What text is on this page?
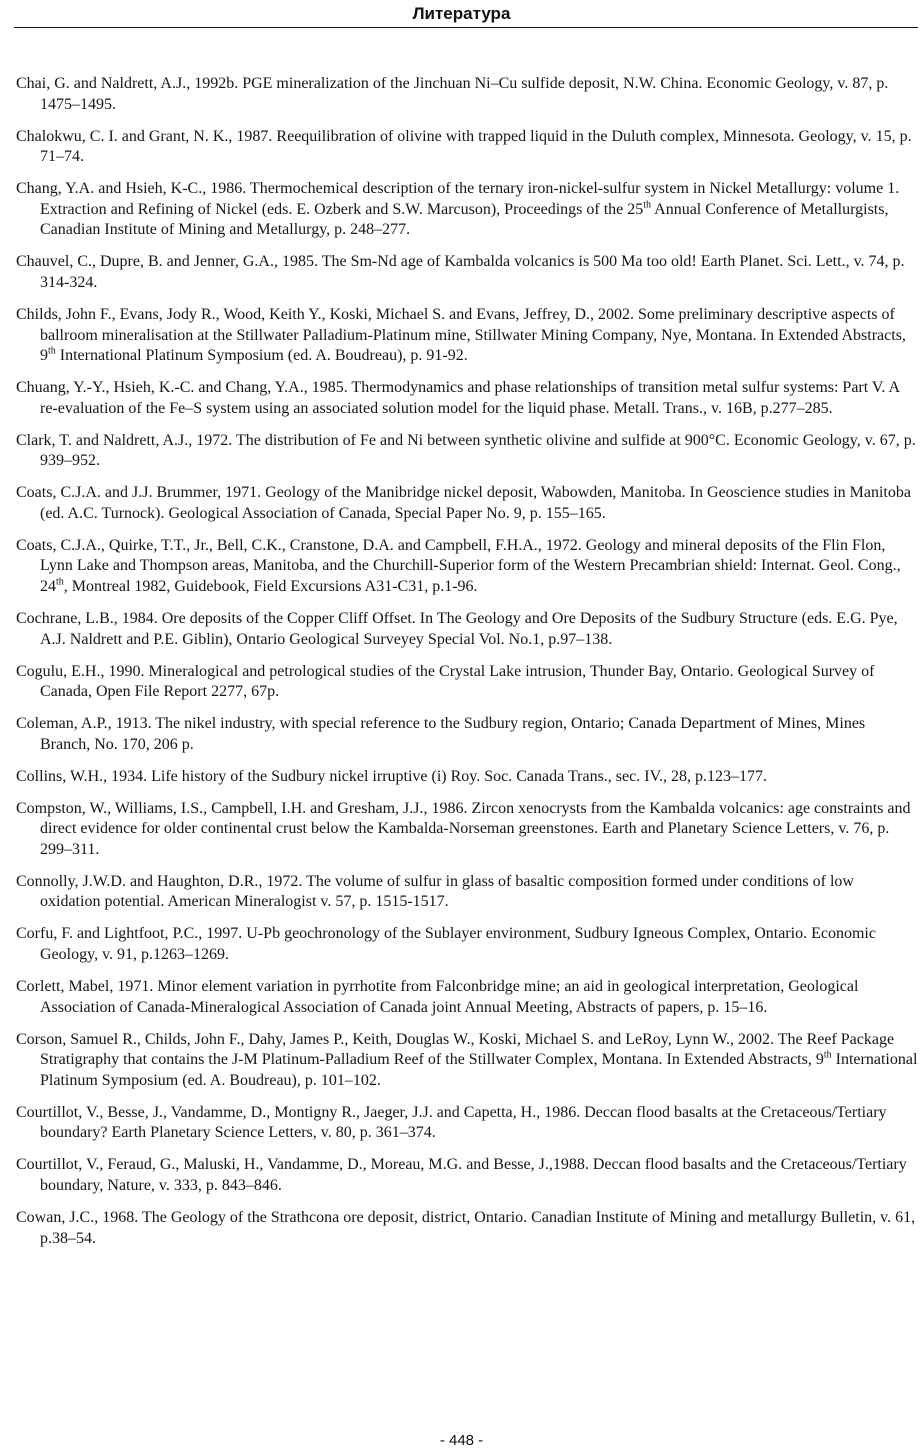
Литература
Chai, G. and Naldrett, A.J., 1992b. PGE mineralization of the Jinchuan Ni–Cu sulfide deposit, N.W. China. Economic Geology, v. 87, p. 1475–1495.
Chalokwu, C. I. and Grant, N. K., 1987. Reequilibration of olivine with trapped liquid in the Duluth complex, Minnesota. Geology, v. 15, p. 71–74.
Chang, Y.A. and Hsieh, K-C., 1986. Thermochemical description of the ternary iron-nickel-sulfur system in Nickel Metallurgy: volume 1. Extraction and Refining of Nickel (eds. E. Ozberk and S.W. Marcuson), Proceedings of the 25th Annual Conference of Metallurgists, Canadian Institute of Mining and Metallurgy, p. 248–277.
Chauvel, C., Dupre, B. and Jenner, G.A., 1985. The Sm-Nd age of Kambalda volcanics is 500 Ma too old! Earth Planet. Sci. Lett., v. 74, p. 314-324.
Childs, John F., Evans, Jody R., Wood, Keith Y., Koski, Michael S. and Evans, Jeffrey, D., 2002. Some preliminary descriptive aspects of ballroom mineralisation at the Stillwater Palladium-Platinum mine, Stillwater Mining Company, Nye, Montana. In Extended Abstracts, 9th International Platinum Symposium (ed. A. Boudreau), p. 91-92.
Chuang, Y.-Y., Hsieh, K.-C. and Chang, Y.A., 1985. Thermodynamics and phase relationships of transition metal sulfur systems: Part V. A re-evaluation of the Fe–S system using an associated solution model for the liquid phase. Metall. Trans., v. 16B, p.277–285.
Clark, T. and Naldrett, A.J., 1972. The distribution of Fe and Ni between synthetic olivine and sulfide at 900°C. Economic Geology, v. 67, p. 939–952.
Coats, C.J.A. and J.J. Brummer, 1971. Geology of the Manibridge nickel deposit, Wabowden, Manitoba. In Geoscience studies in Manitoba (ed. A.C. Turnock). Geological Association of Canada, Special Paper No. 9, p. 155–165.
Coats, C.J.A., Quirke, T.T., Jr., Bell, C.K., Cranstone, D.A. and Campbell, F.H.A., 1972. Geology and mineral deposits of the Flin Flon, Lynn Lake and Thompson areas, Manitoba, and the Churchill-Superior form of the Western Precambrian shield: Internat. Geol. Cong., 24th, Montreal 1982, Guidebook, Field Excursions A31-C31, p.1-96.
Cochrane, L.B., 1984. Ore deposits of the Copper Cliff Offset. In The Geology and Ore Deposits of the Sudbury Structure (eds. E.G. Pye, A.J. Naldrett and P.E. Giblin), Ontario Geological Surveyey Special Vol. No.1, p.97–138.
Cogulu, E.H., 1990. Mineralogical and petrological studies of the Crystal Lake intrusion, Thunder Bay, Ontario. Geological Survey of Canada, Open File Report 2277, 67p.
Coleman, A.P., 1913. The nikel industry, with special reference to the Sudbury region, Ontario; Canada Department of Mines, Mines Branch, No. 170, 206 p.
Collins, W.H., 1934. Life history of the Sudbury nickel irruptive (i) Roy. Soc. Canada Trans., sec. IV., 28, p.123–177.
Compston, W., Williams, I.S., Campbell, I.H. and Gresham, J.J., 1986. Zircon xenocrysts from the Kambalda volcanics: age constraints and direct evidence for older continental crust below the Kambalda-Norseman greenstones. Earth and Planetary Science Letters, v. 76, p. 299–311.
Connolly, J.W.D. and Haughton, D.R., 1972. The volume of sulfur in glass of basaltic composition formed under conditions of low oxidation potential. American Mineralogist v. 57, p. 1515-1517.
Corfu, F. and Lightfoot, P.C., 1997. U-Pb geochronology of the Sublayer environment, Sudbury Igneous Complex, Ontario. Economic Geology, v. 91, p.1263–1269.
Corlett, Mabel, 1971. Minor element variation in pyrrhotite from Falconbridge mine; an aid in geological interpretation, Geological Association of Canada-Mineralogical Association of Canada joint Annual Meeting, Abstracts of papers, p. 15–16.
Corson, Samuel R., Childs, John F., Dahy, James P., Keith, Douglas W., Koski, Michael S. and LeRoy, Lynn W., 2002. The Reef Package Stratigraphy that contains the J-M Platinum-Palladium Reef of the Stillwater Complex, Montana. In Extended Abstracts, 9th International Platinum Symposium (ed. A. Boudreau), p. 101–102.
Courtillot, V., Besse, J., Vandamme, D., Montigny R., Jaeger, J.J. and Capetta, H., 1986. Deccan flood basalts at the Cretaceous/Tertiary boundary? Earth Planetary Science Letters, v. 80, p. 361–374.
Courtillot, V., Feraud, G., Maluski, H., Vandamme, D., Moreau, M.G. and Besse, J.,1988. Deccan flood basalts and the Cretaceous/Tertiary boundary, Nature, v. 333, p. 843–846.
Cowan, J.C., 1968. The Geology of the Strathcona ore deposit, district, Ontario. Canadian Institute of Mining and metallurgy Bulletin, v. 61, p.38–54.
- 448 -
